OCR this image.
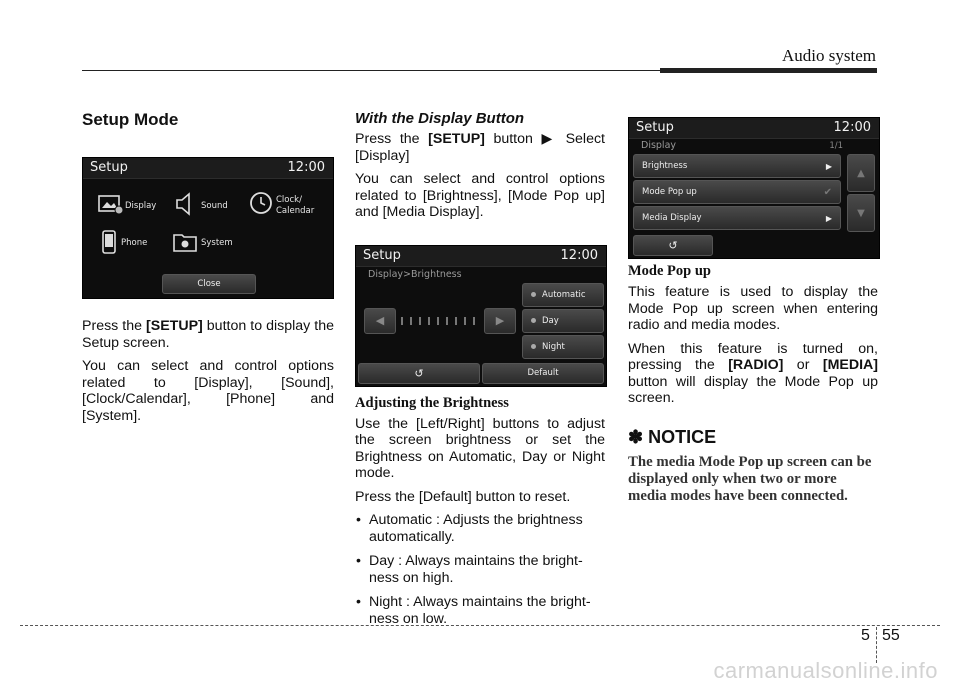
Audio system
Setup Mode
Setup	12:00
Display	Sound
Clock/
Calendar
Phone	System
Close

Press the [SETUP] button to display the Setup screen.

You can select and control options related to [Display], [Sound], [Clock/Calendar], [Phone] and [System].

With the Display Button

Press the [SETUP] button ▶ Select [Display]

You can select and control options related to [Brightness], [Mode Pop up] and [Media Display].

Setup	12:00
Display>Brightness
◀	▶
Automatic
Day
Night
↺	Default
Adjusting the Brightness

Use the [Left/Right] buttons to adjust the screen brightness or set the Brightness on Automatic, Day or Night mode.

Press the [Default] button to reset.

• Automatic : Adjusts the brightness automatically.
• Day : Always maintains the bright-ness on high.
• Night : Always maintains the bright-ness on low.
Setup	12:00
Display	1/1
Brightness	▶
Mode Pop up	✔
Media Display	▶
▲
▼
↺
Mode Pop up

This feature is used to display the Mode Pop up screen when entering radio and media modes.

When this feature is turned on, pressing the [RADIO] or [MEDIA] button will display the Mode Pop up screen.

✽ NOTICE
The media Mode Pop up screen can be displayed only when two or more media modes have been connected.
5 55
carmanualsonline.info
